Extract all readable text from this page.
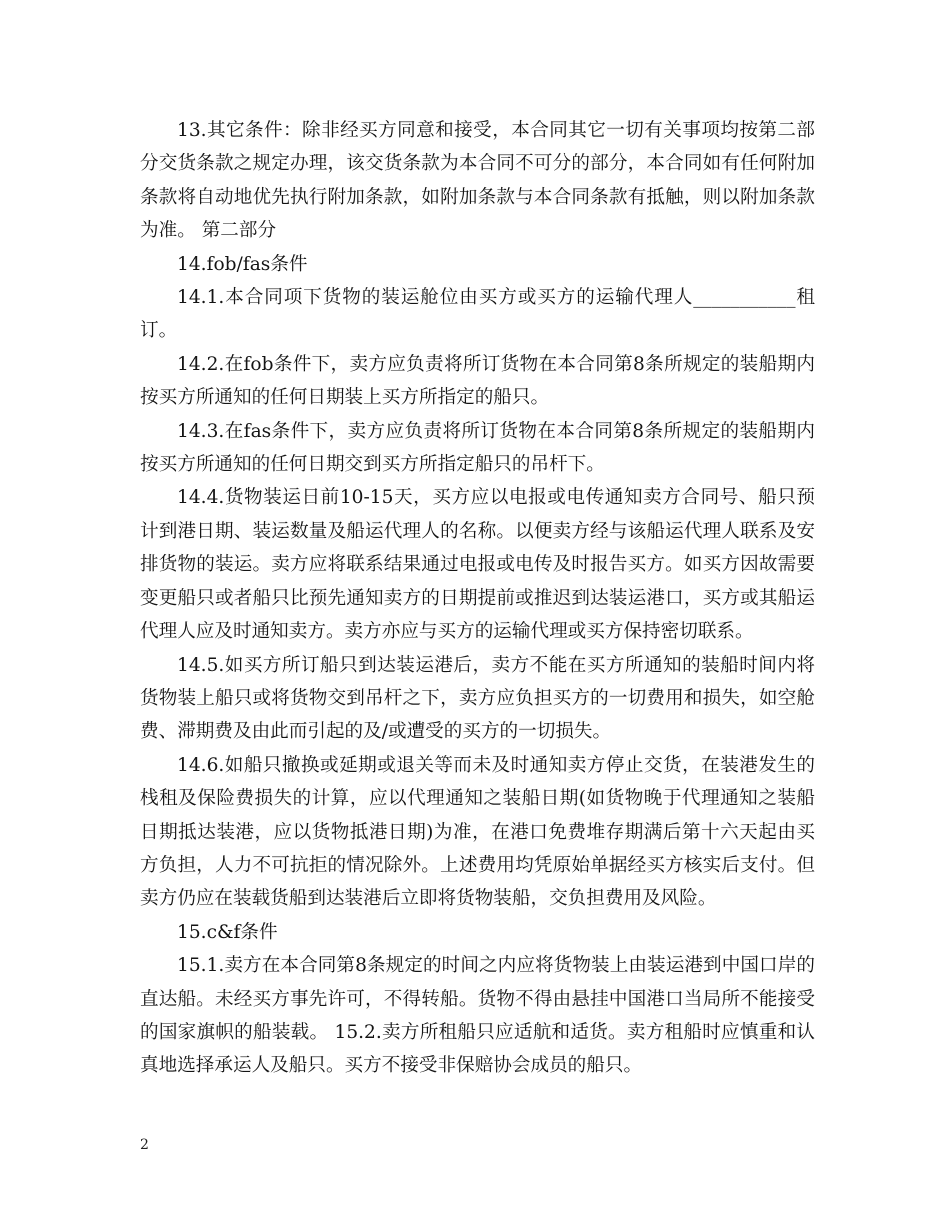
13.其它条件：除非经买方同意和接受，本合同其它一切有关事项均按第二部分交货条款之规定办理，该交货条款为本合同不可分的部分，本合同如有任何附加条款将自动地优先执行附加条款，如附加条款与本合同条款有抵触，则以附加条款为准。 第二部分

14.fob/fas条件

14.1.本合同项下货物的装运舱位由买方或买方的运输代理人___________租订。

14.2.在fob条件下，卖方应负责将所订货物在本合同第8条所规定的装船期内按买方所通知的任何日期装上买方所指定的船只。

14.3.在fas条件下，卖方应负责将所订货物在本合同第8条所规定的装船期内按买方所通知的任何日期交到买方所指定船只的吊杆下。

14.4.货物装运日前10-15天，买方应以电报或电传通知卖方合同号、船只预计到港日期、装运数量及船运代理人的名称。以便卖方经与该船运代理人联系及安排货物的装运。卖方应将联系结果通过电报或电传及时报告买方。如买方因故需要变更船只或者船只比预先通知卖方的日期提前或推迟到达装运港口，买方或其船运代理人应及时通知卖方。卖方亦应与买方的运输代理或买方保持密切联系。

14.5.如买方所订船只到达装运港后，卖方不能在买方所通知的装船时间内将货物装上船只或将货物交到吊杆之下，卖方应负担买方的一切费用和损失，如空舱费、滞期费及由此而引起的及/或遭受的买方的一切损失。

14.6.如船只撤换或延期或退关等而未及时通知卖方停止交货，在装港发生的栈租及保险费损失的计算，应以代理通知之装船日期(如货物晚于代理通知之装船日期抵达装港，应以货物抵港日期)为准，在港口免费堆存期满后第十六天起由买方负担，人力不可抗拒的情况除外。上述费用均凭原始单据经买方核实后支付。但卖方仍应在装载货船到达装港后立即将货物装船，交负担费用及风险。

15.c&f条件

15.1.卖方在本合同第8条规定的时间之内应将货物装上由装运港到中国口岸的直达船。未经买方事先许可，不得转船。货物不得由悬挂中国港口当局所不能接受的国家旗帜的船装载。 15.2.卖方所租船只应适航和适货。卖方租船时应慎重和认真地选择承运人及船只。买方不接受非保赔协会成员的船只。

2
